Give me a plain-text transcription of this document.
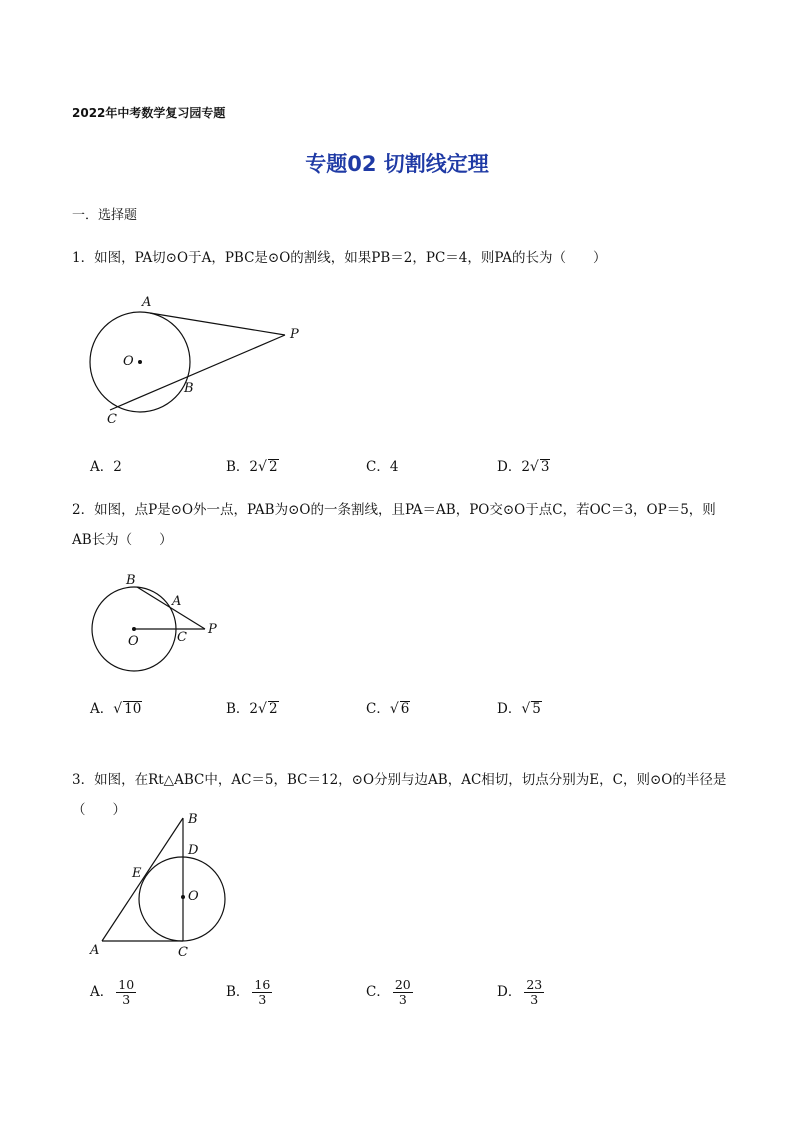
2022年中考数学复习园专题
专题02 切割线定理
一．选择题
1．如图，PA切⊙O于A，PBC是⊙O的割线，如果PB＝2，PC＝4，则PA的长为（　　）
A
P
O
B
C
A．2	B．2√ 2	C．4	D．2√ 3
2．如图，点P是⊙O外一点，PAB为⊙O的一条割线，且PA＝AB，PO交⊙O于点C，若OC＝3，OP＝5，则AB长为（　　）
B
A
P
O	C
A．√ 10	B．2√ 2	C．√ 6	D．√ 5
3．如图，在Rt△ABC中，AC＝5，BC＝12，⊙O分别与边AB，AC相切，切点分别为E，C，则⊙O的半径是（　　）
B
D
E
O
A	C
A． $\frac{10}{3}$	B． $\frac{16}{3}$	C． $\frac{20}{3}$	D． $\frac{23}{3}$
